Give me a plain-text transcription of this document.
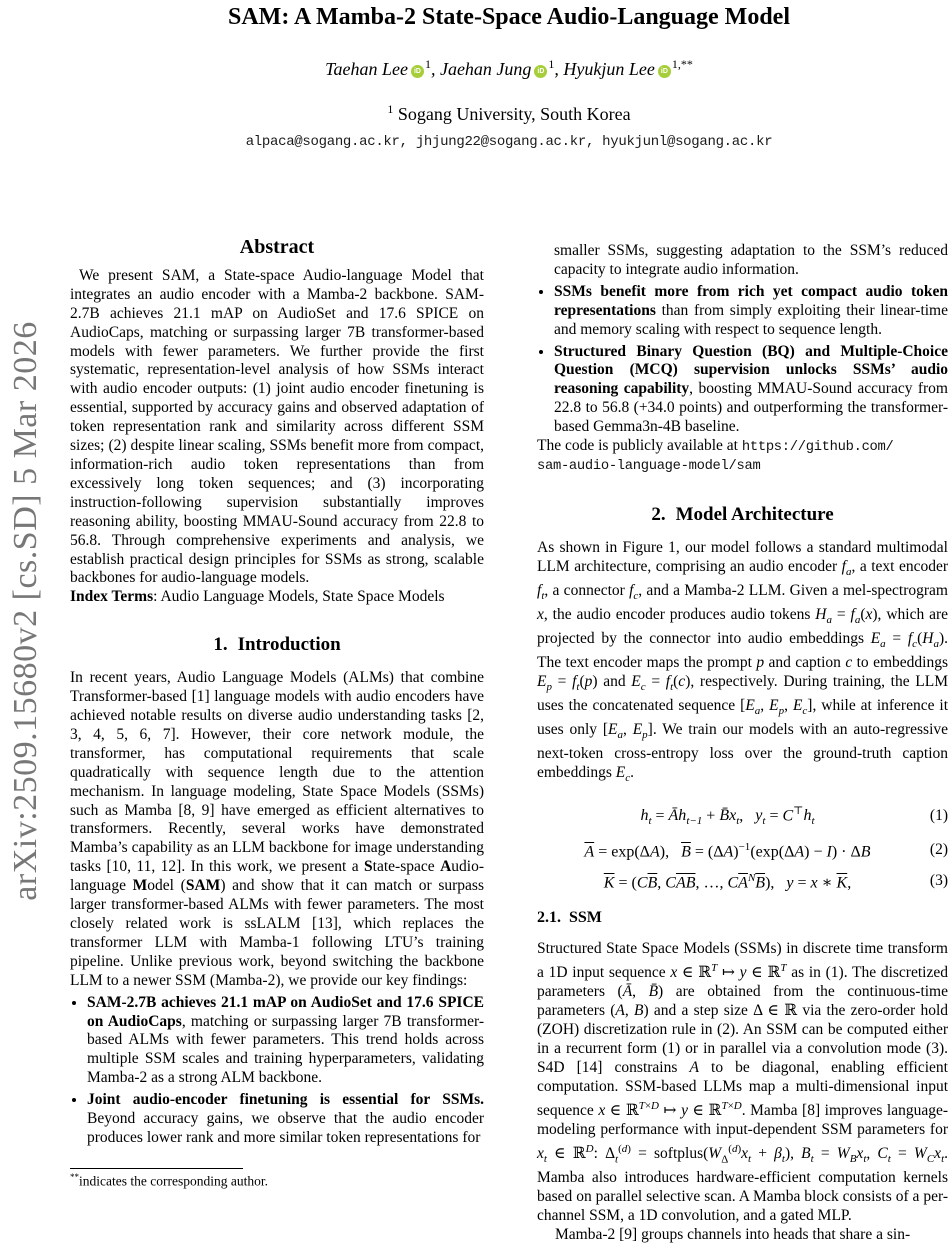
arXiv:2509.15680v2 [cs.SD] 5 Mar 2026
SAM: A Mamba-2 State-Space Audio-Language Model
Taehan Lee $iD^1$, Jaehan Jung $iD^1$, Hyukjun Lee $iD^{1,**}$
$^1$ Sogang University, South Korea
alpaca@sogang.ac.kr, jhjung22@sogang.ac.kr, hyukjunl@sogang.ac.kr
Abstract

We present SAM, a State-space Audio-language Model that integrates an audio encoder with a Mamba-2 backbone. SAM-2.7B achieves 21.1 mAP on AudioSet and 17.6 SPICE on AudioCaps, matching or surpassing larger 7B transformer-based models with fewer parameters. We further provide the first systematic, representation-level analysis of how SSMs interact with audio encoder outputs: (1) joint audio encoder finetuning is essential, supported by accuracy gains and observed adaptation of token representation rank and similarity across different SSM sizes; (2) despite linear scaling, SSMs benefit more from compact, information-rich audio token representations than from excessively long token sequences; and (3) incorporating instruction-following supervision substantially improves reasoning ability, boosting MMAU-Sound accuracy from 22.8 to 56.8. Through comprehensive experiments and analysis, we establish practical design principles for SSMs as strong, scalable backbones for audio-language models.

Index Terms: Audio Language Models, State Space Models

1. Introduction

In recent years, Audio Language Models (ALMs) that combine Transformer-based [1] language models with audio encoders have achieved notable results on diverse audio understanding tasks [2, 3, 4, 5, 6, 7]. However, their core network module, the transformer, has computational requirements that scale quadratically with sequence length due to the attention mechanism. In language modeling, State Space Models (SSMs) such as Mamba [8, 9] have emerged as efficient alternatives to transformers. Recently, several works have demonstrated Mamba’s capability as an LLM backbone for image understanding tasks [10, 11, 12]. In this work, we present a State-space Audio-language Model (SAM) and show that it can match or surpass larger transformer-based ALMs with fewer parameters. The most closely related work is ssLALM [13], which replaces the transformer LLM with Mamba-1 following LTU’s training pipeline. Unlike previous work, beyond switching the backbone LLM to a newer SSM (Mamba-2), we provide our key findings:

• SAM-2.7B achieves 21.1 mAP on AudioSet and 17.6 SPICE on AudioCaps, matching or surpassing larger 7B transformer-based ALMs with fewer parameters. This trend holds across multiple SSM scales and training hyperparameters, validating Mamba-2 as a strong ALM backbone.
• Joint audio-encoder finetuning is essential for SSMs. Beyond accuracy gains, we observe that the audio encoder produces lower rank and more similar token representations for
**indicates the corresponding author.

smaller SSMs, suggesting adaptation to the SSM’s reduced capacity to integrate audio information.

• SSMs benefit more from rich yet compact audio token representations than from simply exploiting their linear-time and memory scaling with respect to sequence length.
• Structured Binary Question (BQ) and Multiple-Choice Question (MCQ) supervision unlocks SSMs’ audio reasoning capability, boosting MMAU-Sound accuracy from 22.8 to 56.8 (+34.0 points) and outperforming the transformer-based Gemma3n-4B baseline.

The code is publicly available at https://github.com/
sam-audio-language-model/sam

2. Model Architecture

As shown in Figure 1, our model follows a standard multimodal LLM architecture, comprising an audio encoder $f_a$, a text encoder $f_t$, a connector $f_c$, and a Mamba-2 LLM. Given a mel-spectrogram x, the audio encoder produces audio tokens $H_a = f_a(x)$, which are projected by the connector into audio embeddings $E_a = f_c(H_a)$. The text encoder maps the prompt p and caption c to embeddings $E_p = f_t(p)$ and $E_c = f_t(c)$, respectively. During training, the LLM uses the concatenated sequence [$E_a$, $E_p$, $E_c$], while at inference it uses only [$E_a$, $E_p$]. We train our models with an auto-regressive next-token cross-entropy loss over the ground-truth caption embeddings $E_c$.

$h_t$ = $Āh_{t-1}$ + $B̄x_t$,   $y_t = C^⊤h_t$	(1)
$\overline{A} = \exp(\Delta A)$,   $\overline{B} = (\Delta A)^{-1}(\exp(\Delta A) - I) \cdot \Delta B$	(2)
$\overline{K} = (C\overline{B}$, $C\overline{AB}$, …, $C\overline{A}^N\overline{B}$),   y = x ∗ $\overline{K}$,	(3)
2.1. SSM

Structured State Space Models (SSMs) in discrete time transform a 1D input sequence x ∈ ℝ$^T$ ↦ y ∈ ℝ$^T$ as in (1). The discretized parameters (Ā, B̄) are obtained from the continuous-time parameters (A, B) and a step size Δ ∈ ℝ via the zero-order hold (ZOH) discretization rule in (2). An SSM can be computed either in a recurrent form (1) or in parallel via a convolution mode (3). S4D [14] constrains A to be diagonal, enabling efficient computation. SSM-based LLMs map a multi-dimensional input sequence x ∈ ℝ$^{T\times D}$ ↦ y ∈ ℝ$^{T\times D}$. Mamba [8] improves language-modeling performance with input-dependent SSM parameters for $x_t$ ∈ ℝ$^D$: $\Delta_t^{(d)}$ = $softplus(W_\Delta^{(d)}x_t + \beta_t)$, $B_t = W_Bx_t$, $C_t = W_Cx_t$. Mamba also introduces hardware-efficient computation kernels based on parallel selective scan. A Mamba block consists of a per-channel SSM, a 1D convolution, and a gated MLP.

Mamba-2 [9] groups channels into heads that share a sin-
